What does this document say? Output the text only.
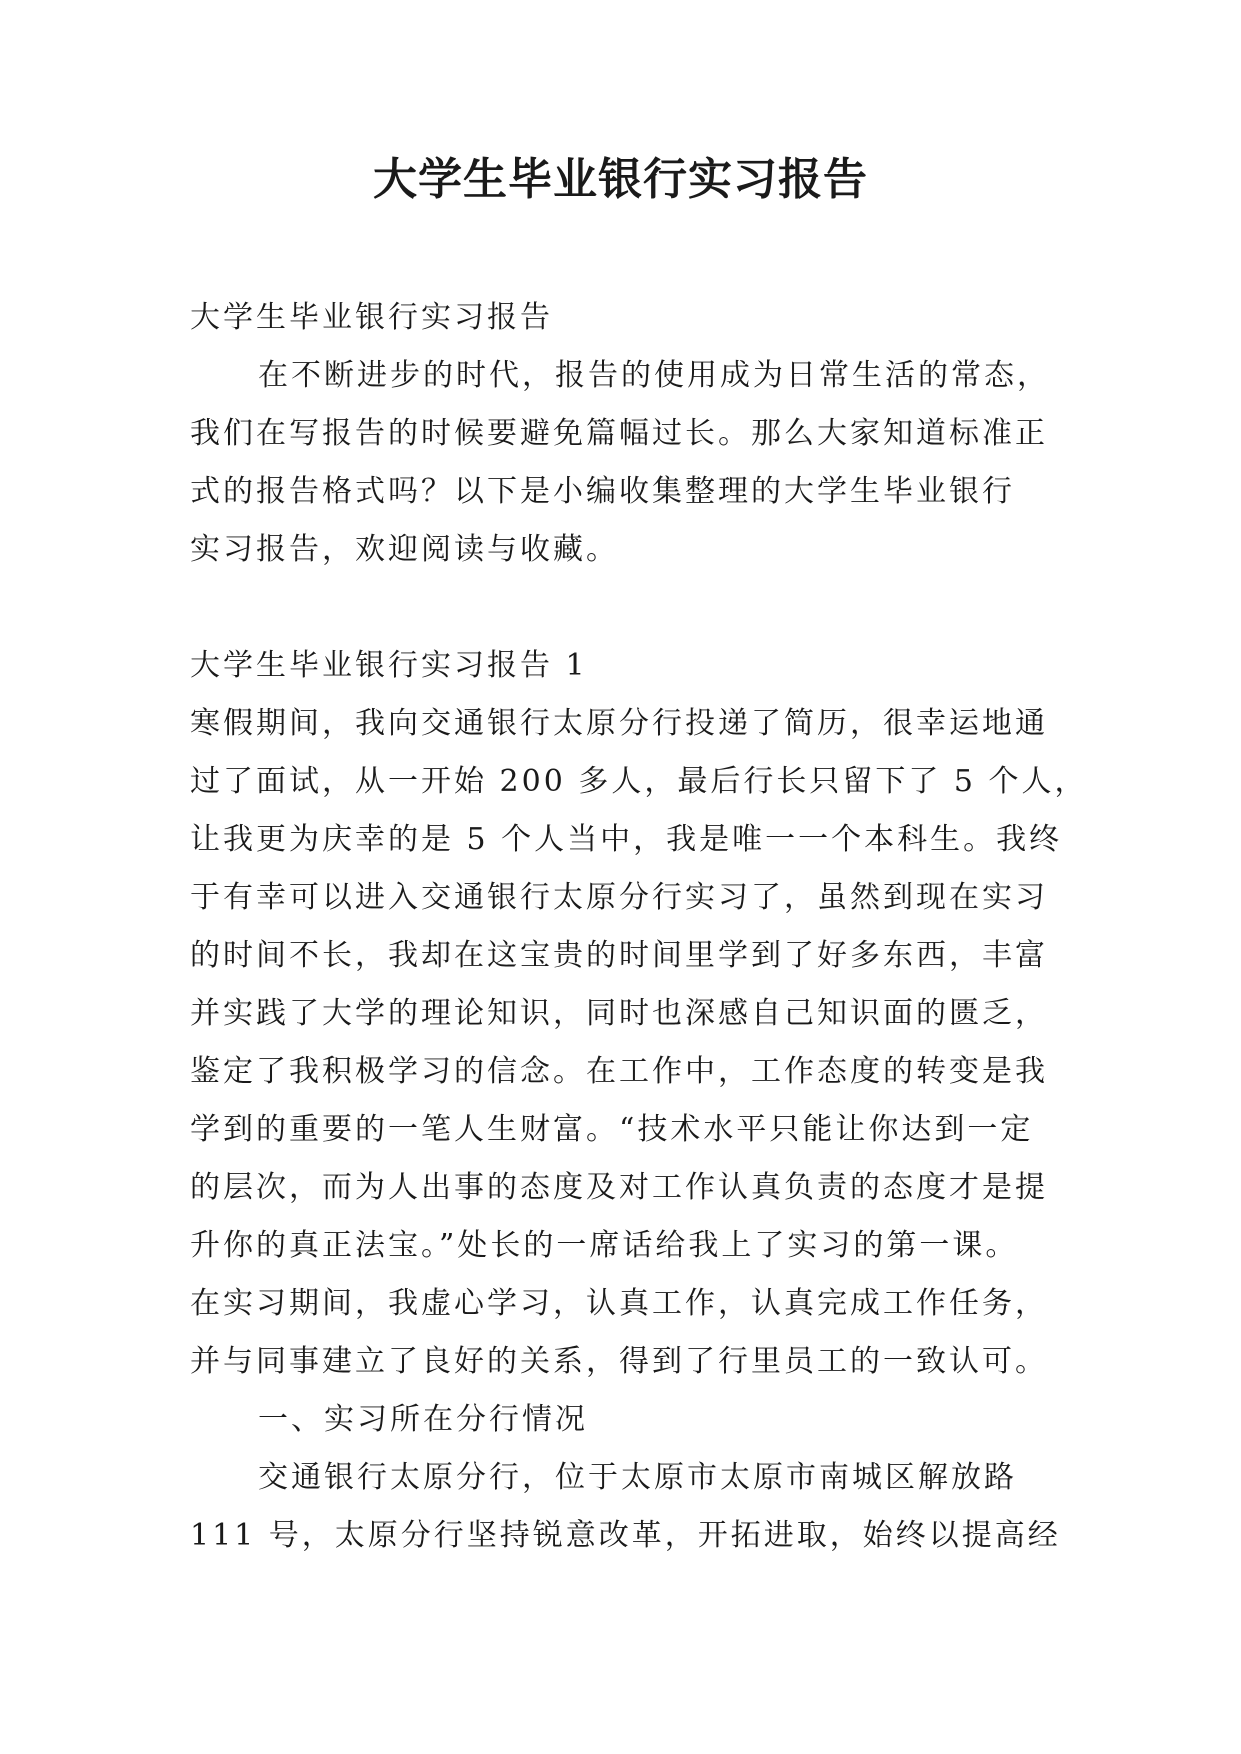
大学生毕业银行实习报告
大学生毕业银行实习报告
在不断进步的时代，报告的使用成为日常生活的常态，
我们在写报告的时候要避免篇幅过长。那么大家知道标准正
式的报告格式吗？以下是小编收集整理的大学生毕业银行
实习报告，欢迎阅读与收藏。
大学生毕业银行实习报告 1
寒假期间，我向交通银行太原分行投递了简历，很幸运地通
过了面试，从一开始 200 多人，最后行长只留下了 5 个人，
让我更为庆幸的是 5 个人当中，我是唯一一个本科生。我终
于有幸可以进入交通银行太原分行实习了，虽然到现在实习
的时间不长，我却在这宝贵的时间里学到了好多东西，丰富
并实践了大学的理论知识，同时也深感自己知识面的匮乏，
鉴定了我积极学习的信念。在工作中，工作态度的转变是我
学到的重要的一笔人生财富。“技术水平只能让你达到一定
的层次，而为人出事的态度及对工作认真负责的态度才是提
升你的真正法宝。”处长的一席话给我上了实习的第一课。
在实习期间，我虚心学习，认真工作，认真完成工作任务，
并与同事建立了良好的关系，得到了行里员工的一致认可。
一、实习所在分行情况
交通银行太原分行，位于太原市太原市南城区解放路
111 号，太原分行坚持锐意改革，开拓进取，始终以提高经
